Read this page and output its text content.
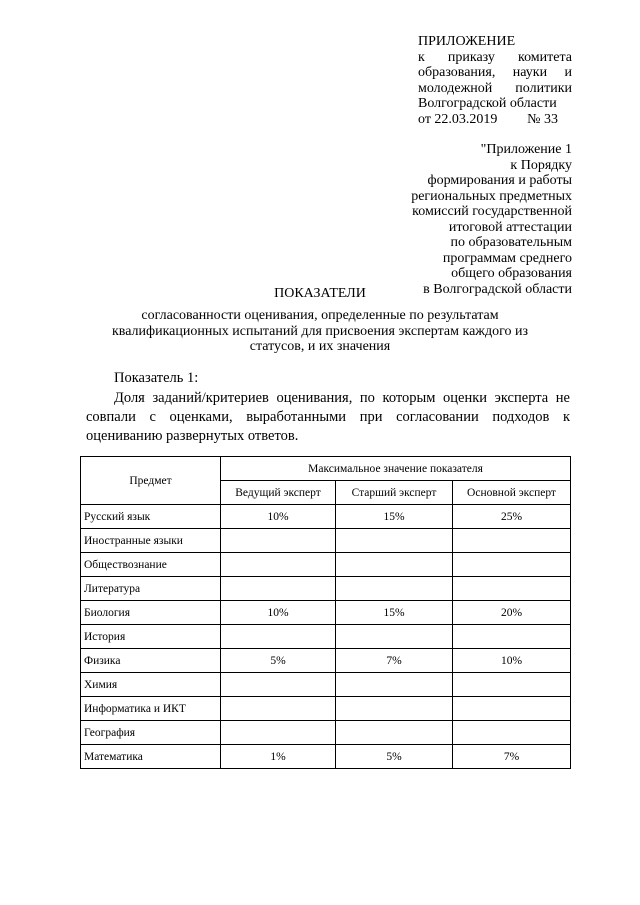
ПРИЛОЖЕНИЕ
к приказу комитета
образования, науки и
молодежной политики
Волгоградской области
от 22.03.2019 № 33
"Приложение 1
к Порядку
формирования и работы
региональных предметных
комиссий государственной
итоговой аттестации
по образовательным
программам среднего
общего образования
в Волгоградской области
ПОКАЗАТЕЛИ
согласованности оценивания, определенные по результатам квалификационных испытаний для присвоения экспертам каждого из статусов, и их значения
Показатель 1:
Доля заданий/критериев оценивания, по которым оценки эксперта не совпали с оценками, выработанными при согласовании подходов к оцениванию развернутых ответов.
Предмет	Максимальное значение показателя		
	Ведущий эксперт	Старший эксперт	Основной эксперт
Русский язык	10%	15%	25%
Иностранные языки			
Обществознание			
Литература			
Биология	10%	15%	20%
История			
Физика	5%	7%	10%
Химия			
Информатика и ИКТ			
География			
Математика	1%	5%	7%
